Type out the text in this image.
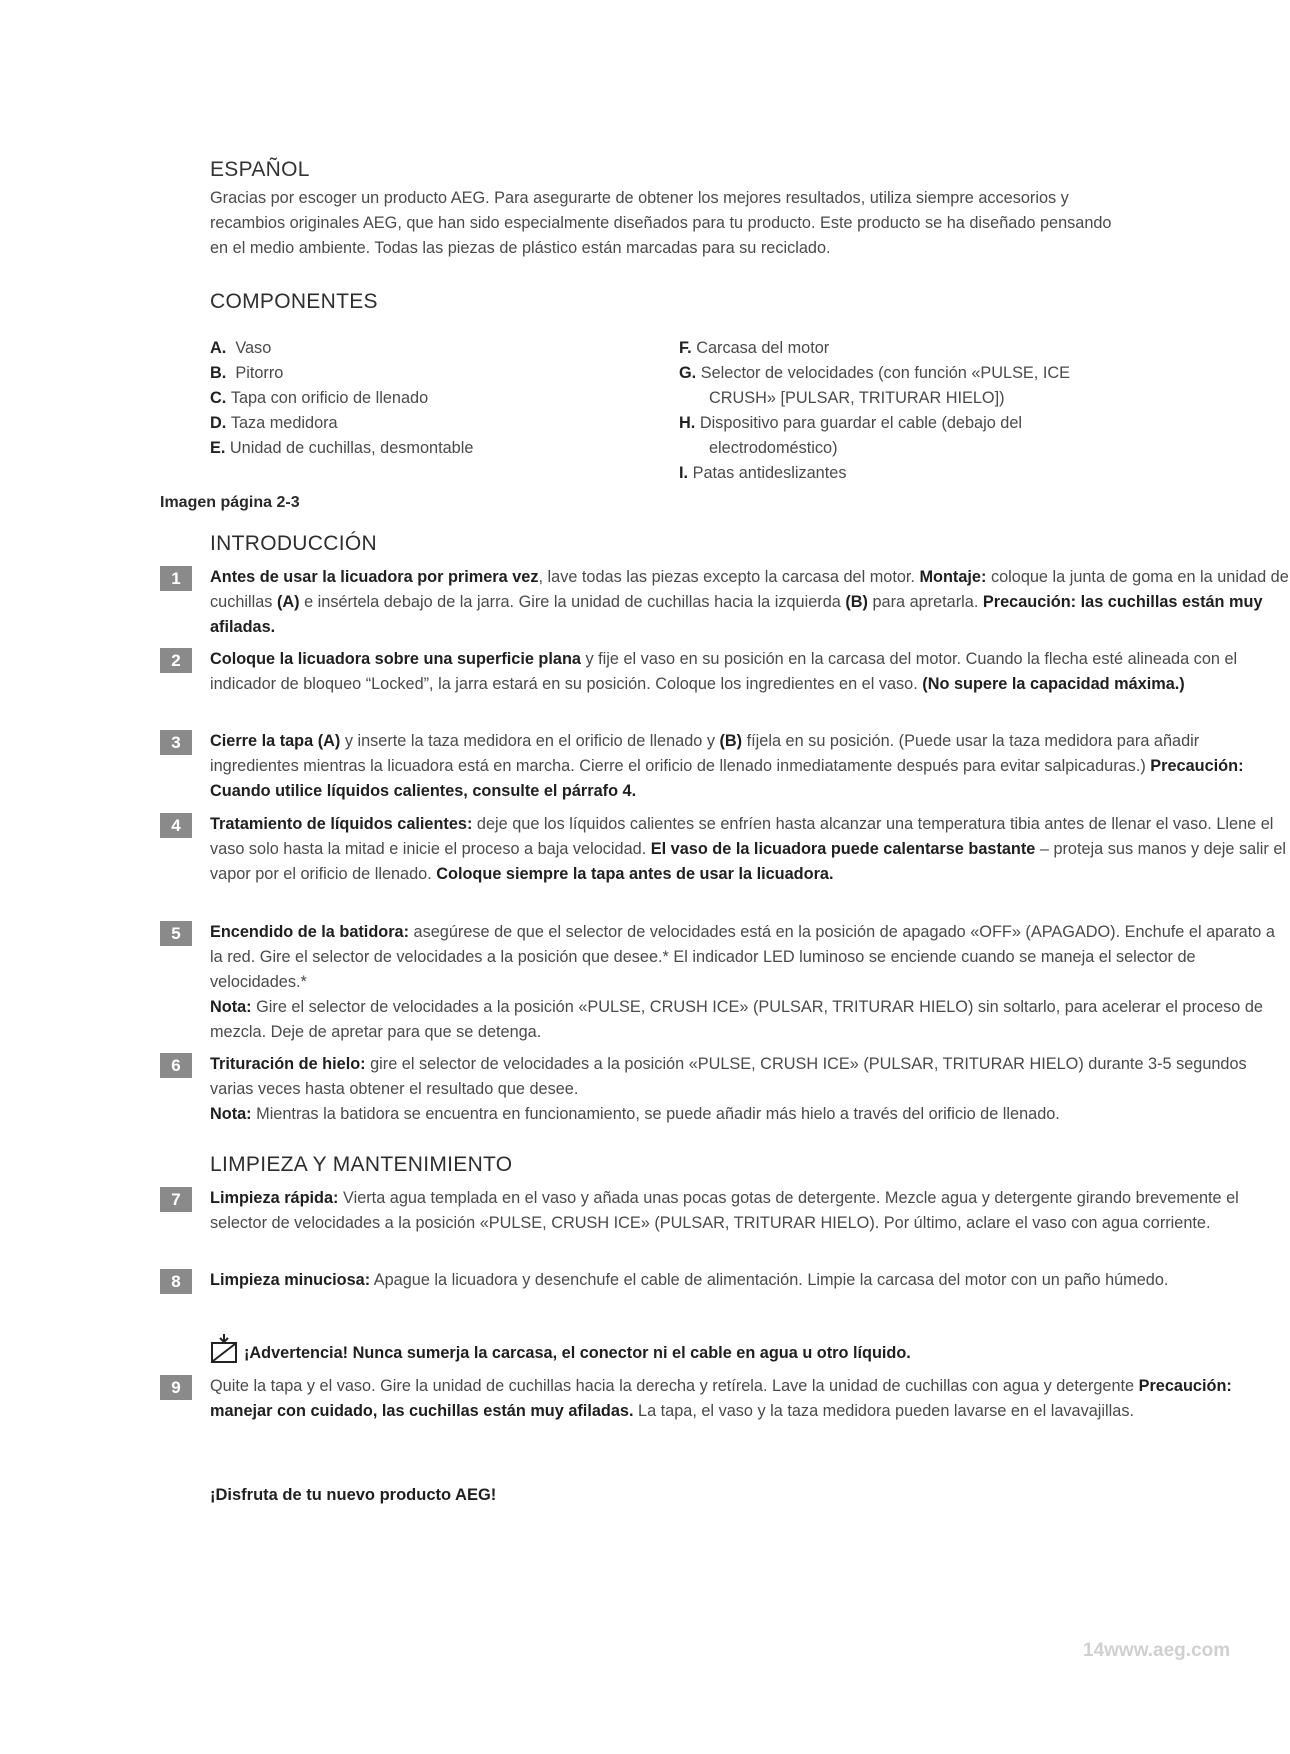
ESPAÑOL
Gracias por escoger un producto AEG. Para asegurarte de obtener los mejores resultados, utiliza siempre accesorios y recambios originales AEG, que han sido especialmente diseñados para tu producto. Este producto se ha diseñado pensando en el medio ambiente. Todas las piezas de plástico están marcadas para su reciclado.
COMPONENTES
A. Vaso
B. Pitorro
C. Tapa con orificio de llenado
D. Taza medidora
E. Unidad de cuchillas, desmontable
F. Carcasa del motor
G. Selector de velocidades (con función «PULSE, ICE
CRUSH» [PULSAR, TRITURAR HIELO])
H. Dispositivo para guardar el cable (debajo del
electrodoméstico)
I. Patas antideslizantes
Imagen página 2-3
INTRODUCCIÓN
1	Antes de usar la licuadora por primera vez, lave todas las piezas excepto la carcasa del motor. Montaje: coloque la junta de goma en la unidad de cuchillas (A) e insértela debajo de la jarra. Gire la unidad de cuchillas hacia la izquierda (B) para apretarla. Precaución: las cuchillas están muy afiladas.
2	Coloque la licuadora sobre una superficie plana y fije el vaso en su posición en la carcasa del motor. Cuando la flecha esté alineada con el indicador de bloqueo “Locked”, la jarra estará en su posición. Coloque los ingredientes en el vaso. (No supere la capacidad máxima.)
3	Cierre la tapa (A) y inserte la taza medidora en el orificio de llenado y (B) fíjela en su posición. (Puede usar la taza medidora para añadir ingredientes mientras la licuadora está en marcha. Cierre el orificio de llenado inmediatamente después para evitar salpicaduras.) Precaución: Cuando utilice líquidos calientes, consulte el párrafo 4.
4	Tratamiento de líquidos calientes: deje que los líquidos calientes se enfríen hasta alcanzar una temperatura tibia antes de llenar el vaso. Llene el vaso solo hasta la mitad e inicie el proceso a baja velocidad. El vaso de la licuadora puede calentarse bastante – proteja sus manos y deje salir el vapor por el orificio de llenado. Coloque siempre la tapa antes de usar la licuadora.
5	Encendido de la batidora: asegúrese de que el selector de velocidades está en la posición de apagado «OFF» (APAGADO). Enchufe el aparato a la red. Gire el selector de velocidades a la posición que desee.* El indicador LED luminoso se enciende cuando se maneja el selector de velocidades.*
Nota: Gire el selector de velocidades a la posición «PULSE, CRUSH ICE» (PULSAR, TRITURAR HIELO) sin soltarlo, para acelerar el proceso de mezcla. Deje de apretar para que se detenga.
6	Trituración de hielo: gire el selector de velocidades a la posición «PULSE, CRUSH ICE» (PULSAR, TRITURAR HIELO) durante 3-5 segundos varias veces hasta obtener el resultado que desee.
Nota: Mientras la batidora se encuentra en funcionamiento, se puede añadir más hielo a través del orificio de llenado.
LIMPIEZA Y MANTENIMIENTO
7	Limpieza rápida: Vierta agua templada en el vaso y añada unas pocas gotas de detergente. Mezcle agua y detergente girando brevemente el selector de velocidades a la posición «PULSE, CRUSH ICE» (PULSAR, TRITURAR HIELO). Por último, aclare el vaso con agua corriente.
8	Limpieza minuciosa: Apague la licuadora y desenchufe el cable de alimentación. Limpie la carcasa del motor con un paño húmedo.
¡Advertencia! Nunca sumerja la carcasa, el conector ni el cable en agua u otro líquido.
9	Quite la tapa y el vaso. Gire la unidad de cuchillas hacia la derecha y retírela. Lave la unidad de cuchillas con agua y detergente Precaución: manejar con cuidado, las cuchillas están muy afiladas. La tapa, el vaso y la taza medidora pueden lavarse en el lavavajillas.
¡Disfruta de tu nuevo producto AEG!
14www.aeg.com
